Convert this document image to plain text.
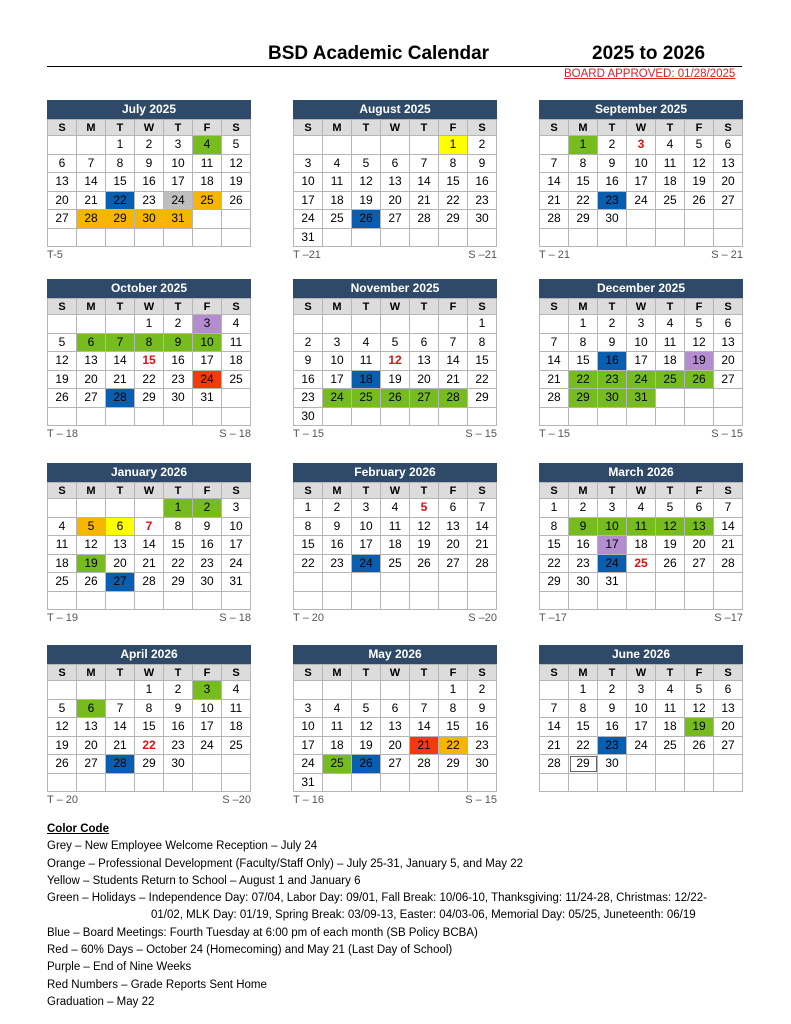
BSD Academic Calendar	2025 to 2026
BOARD APPROVED: 01/28/2025
July 2025
S	M	T	W	T	F	S
		1	2	3	4	5
6	7	8	9	10	11	12
13	14	15	16	17	18	19
20	21	22	23	24	25	26
27	28	29	30	31		

T-5
August 2025
S	M	T	W	T	F	S
					1	2
3	4	5	6	7	8	9
10	11	12	13	14	15	16
17	18	19	20	21	22	23
24	25	26	27	28	29	30
31						
T –21	S –21
September 2025
S	M	T	W	T	F	S
	1	2	3	4	5	6
7	8	9	10	11	12	13
14	15	16	17	18	19	20
21	22	23	24	25	26	27
28	29	30				

T – 21	S – 21
October 2025
S	M	T	W	T	F	S
			1	2	3	4
5	6	7	8	9	10	11
12	13	14	15	16	17	18
19	20	21	22	23	24	25
26	27	28	29	30	31	

T – 18	S – 18
November 2025
S	M	T	W	T	F	S
						1
2	3	4	5	6	7	8
9	10	11	12	13	14	15
16	17	18	19	20	21	22
23	24	25	26	27	28	29
30						
T – 15	S – 15
December 2025
S	M	T	W	T	F	S
	1	2	3	4	5	6
7	8	9	10	11	12	13
14	15	16	17	18	19	20
21	22	23	24	25	26	27
28	29	30	31			

T – 15	S – 15
January 2026
S	M	T	W	T	F	S
				1	2	3
4	5	6	7	8	9	10
11	12	13	14	15	16	17
18	19	20	21	22	23	24
25	26	27	28	29	30	31

T – 19	S – 18
February 2026
S	M	T	W	T	F	S
1	2	3	4	5	6	7
8	9	10	11	12	13	14
15	16	17	18	19	20	21
22	23	24	25	26	27	28

T – 20	S –20
March 2026
S	M	T	W	T	F	S
1	2	3	4	5	6	7
8	9	10	11	12	13	14
15	16	17	18	19	20	21
22	23	24	25	26	27	28
29	30	31				

T –17	S –17
April 2026
S	M	T	W	T	F	S
			1	2	3	4
5	6	7	8	9	10	11
12	13	14	15	16	17	18
19	20	21	22	23	24	25
26	27	28	29	30		

T – 20	S –20
May 2026
S	M	T	W	T	F	S
					1	2
3	4	5	6	7	8	9
10	11	12	13	14	15	16
17	18	19	20	21	22	23
24	25	26	27	28	29	30
31						
T – 16	S – 15
June 2026
S	M	T	W	T	F	S
	1	2	3	4	5	6
7	8	9	10	11	12	13
14	15	16	17	18	19	20
21	22	23	24	25	26	27
28	29	30				

Color Code
Grey – New Employee Welcome Reception – July 24
Orange – Professional Development (Faculty/Staff Only) – July 25-31, January 5, and May 22
Yellow – Students Return to School – August 1 and January 6
Green – Holidays – Independence Day: 07/04, Labor Day: 09/01, Fall Break: 10/06-10, Thanksgiving: 11/24-28, Christmas: 12/22-
01/02, MLK Day: 01/19, Spring Break: 03/09-13, Easter: 04/03-06, Memorial Day: 05/25, Juneteenth: 06/19
Blue – Board Meetings: Fourth Tuesday at 6:00 pm of each month (SB Policy BCBA)
Red – 60% Days – October 24 (Homecoming) and May 21 (Last Day of School)
Purple – End of Nine Weeks
Red Numbers – Grade Reports Sent Home
Graduation – May 22
